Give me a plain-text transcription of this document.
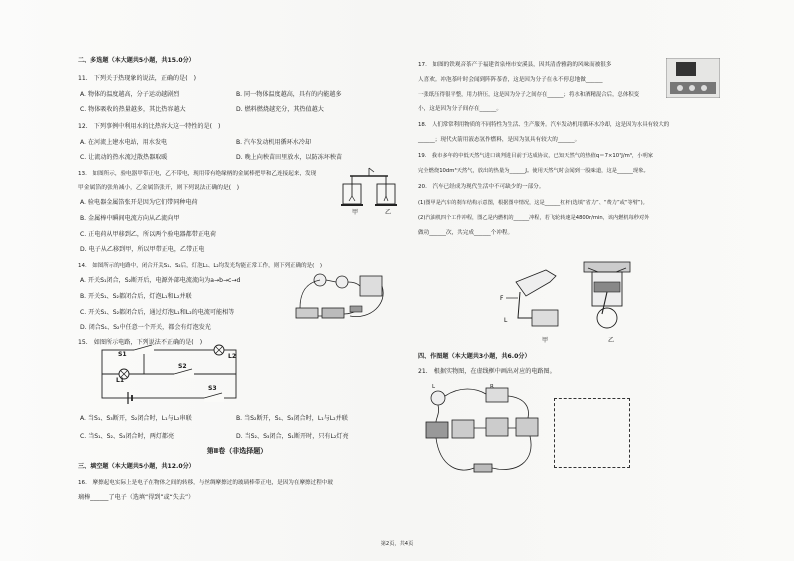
二、多选题（本大题共5小题，共15.0分）
11.　下列关于热现象的说法，正确的是(　)
A. 物体的温度越高，分子运动越剧烈	B. 同一物体温度越高，具有的内能越多
C. 物体吸收的热量越多，其比热容越大	D. 燃料燃烧越充分，其热值越大
12.　下列事例中利用水的比热容大这一特性的是(　)
A. 在河流上建水电站，用水发电	B. 汽车发动机用循环水冷却
C. 让流动的热水流过散热器取暖	D. 晚上向秧苗田里放水，以防冻坏秧苗
13.　如图所示，验电器甲带正电，乙不带电，现用带有绝缘柄的金属棒把甲和乙连接起来，发现
甲金属箔的张角减小，乙金属箔张开，则下列说法正确的是(　)
A. 验电器金属箔张开是因为它们带同种电荷
B. 金属棒中瞬间电流方向从乙流向甲
C. 正电荷从甲移到乙，所以两个验电器都带正电荷
D. 电子从乙移到甲，所以甲带正电，乙带正电
14.　如图所示的电路中，闭合开关S₁、S₂后，灯泡L₁、L₂均发光均能正常工作，则下列正确的是(　)
A. 开关S₁闭合，S₂断开后，电源外部电流流向为a→b→c→d
B. 开关S₁、S₂都闭合后，灯泡L₁和L₂并联
C. 开关S₁、S₂都闭合后，通过灯泡L₁和L₂的电流可能相等
D. 闭合S₁、S₂中任意一个开关，都会有灯泡发光
15.　如图所示电路，下列说法不正确的是(　)
A. 当S₁、S₃断开，S₂闭合时，L₁与L₂串联	B. 当S₂断开，S₁、S₃闭合时，L₁与L₂并联
C. 当S₁、S₂、S₃闭合时，两灯都亮	D. 当S₂、S₃闭合，S₁断开时，只有L₂灯亮
第Ⅱ卷（非选择题）
三、填空题（本大题共5小题，共12.0分）
16.　摩擦起电实际上是电子在物体之间的转移，与丝绸摩擦过的玻璃棒带正电，是因为在摩擦过程中玻
璃棒______了电子（选填“得到”或“失去”）
甲	乙
S1	L2
S2
L1
S3
17.　如图的铁观音茶产于福建省泉州市安溪县，因其清香雅韵的风味而被很多
人喜欢。冲泡茶叶时会闻到阵阵茶香，这是因为分子在永不停息地做______
一张纸压得很平整，用力挤压，这是因为分子之间存在______；将水和酒精混合后，总体积变
小，这是因为分子间存在______。
18.　人们常常利用物质的不同特性为生活、生产服务。汽车发动机用循环水冷却，这是因为水具有较大的
______；现代火箭用液态氢作燃料，是因为氢具有较大的______。
19.　我市多年的中低天然气进口谈判进目前于达成协议，已知天然气的热值q＝7×10⁷J/m³，小明家
完全燃烧10dm³天然气，放出的热量为______J。使用天然气时会闻到一股味道，这是______现象。
20.　汽车已经成为现代生活中不可缺少的一部分。
(1)图甲是汽车的刹车结构示意图，根据图中情况，这是______杠杆(选填“省力”、“费力”或“等臂”)。
(2)汽油机四个工作冲程，图乙是内燃机的______冲程，若飞轮转速是4800r/min，该内燃机每秒对外
做功______次，共完成______个冲程。
四、作图题（本大题共3小题，共6.0分）
21.　根据实物图，在虚线框中画出对应的电路图。
F
L
甲	乙
L	R
第2页，共4页
